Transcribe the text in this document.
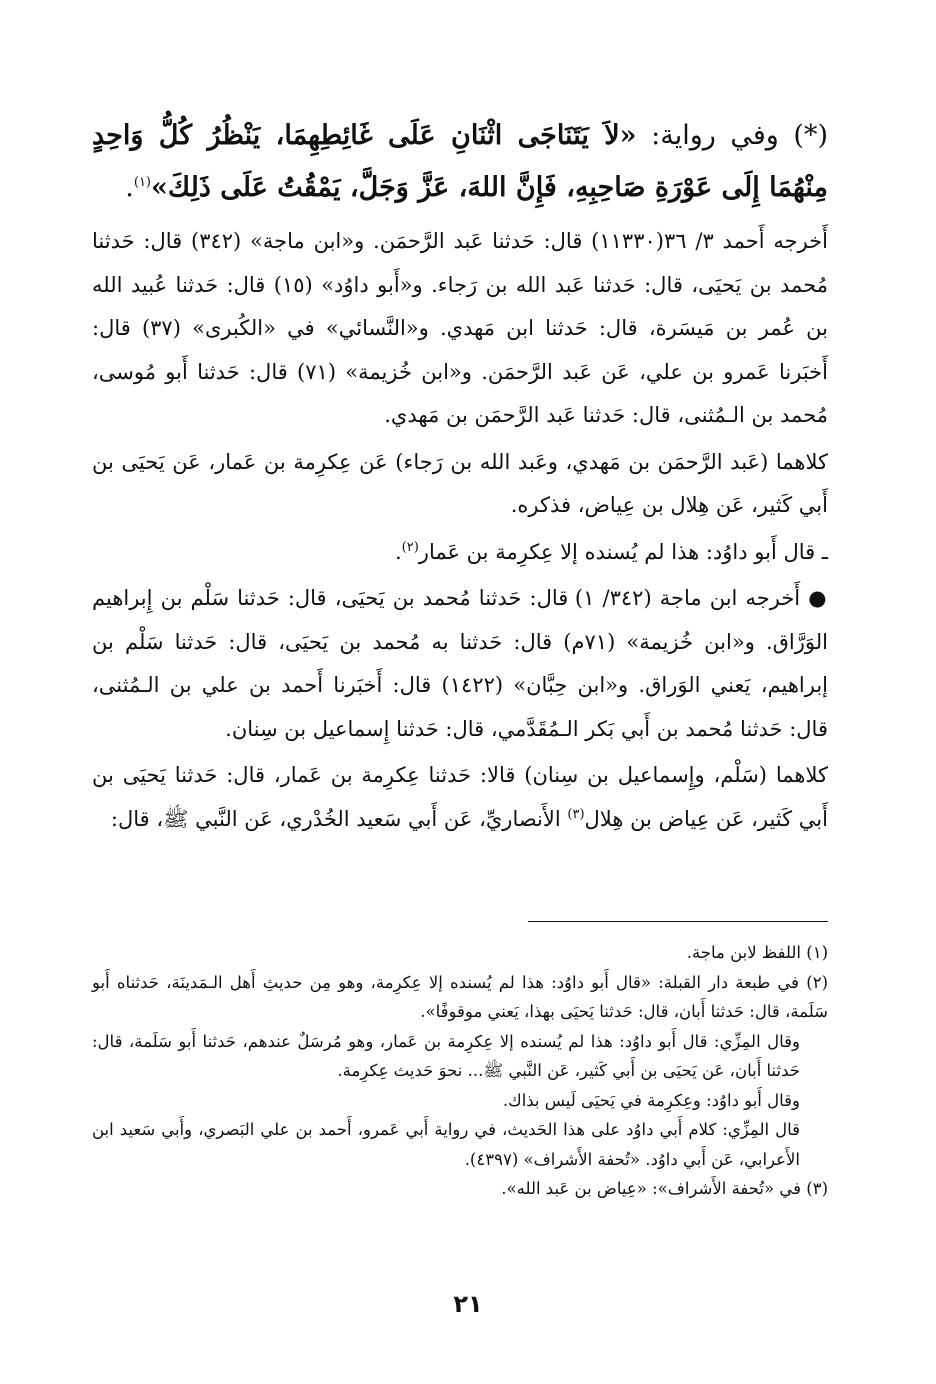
(*) وفي رواية: «لاَ يَتَنَاجَى اثْنَانِ عَلَى غَائِطِهِمَا، يَنْظُرُ كُلُّ وَاحِدٍ مِنْهُمَا إِلَى عَوْرَةِ صَاحِبِهِ، فَإِنَّ اللهَ، عَزَّ وَجَلَّ، يَمْقُتُ عَلَى ذَلِكَ»$^{(١)}$.

أَخرجه أَحمد ٣/ ٣٦(١١٣٣٠) قال: حَدثنا عَبد الرَّحمَن. و«ابن ماجة» (٣٤٢) قال: حَدثنا مُحمد بن يَحيَى، قال: حَدثنا عَبد الله بن رَجاء. و«أَبو داوُد» (١٥) قال: حَدثنا عُبيد الله بن عُمر بن مَيسَرة، قال: حَدثنا ابن مَهدي. و«النَّسائي» في «الكُبرى» (٣٧) قال: أَخبَرنا عَمرو بن علي، عَن عَبد الرَّحمَن. و«ابن خُزيمة» (٧١) قال: حَدثنا أَبو مُوسى، مُحمد بن الـمُثنى، قال: حَدثنا عَبد الرَّحمَن بن مَهدي.

كلاهما (عَبد الرَّحمَن بن مَهدي، وعَبد الله بن رَجاء) عَن عِكرِمة بن عَمار، عَن يَحيَى بن أَبي كَثير، عَن هِلال بن عِياض، فذكره.

ـ قال أَبو داوُد: هذا لم يُسنده إلا عِكرِمة بن عَمار$^{(٢)}$.

● أَخرجه ابن ماجة (٣٤٢/ ١) قال: حَدثنا مُحمد بن يَحيَى، قال: حَدثنا سَلْم بن إِبراهيم الوَرَّاق. و«ابن خُزيمة» (٧١م) قال: حَدثنا به مُحمد بن يَحيَى، قال: حَدثنا سَلْم بن إبراهيم، يَعني الوَراق. و«ابن حِبَّان» (١٤٢٢) قال: أَخبَرنا أَحمد بن علي بن الـمُثنى، قال: حَدثنا مُحمد بن أَبي بَكر الـمُقَدَّمي، قال: حَدثنا إِسماعيل بن سِنان.

كلاهما (سَلْم، وإِسماعيل بن سِنان) قالا: حَدثنا عِكرِمة بن عَمار، قال: حَدثنا يَحيَى بن أَبي كَثير، عَن عِياض بن هِلال$^{(٣)}$ الأَنصاريِّ، عَن أَبي سَعيد الخُدْري، عَن النَّبي ﷺ، قال:

(١) اللفظ لابن ماجة.

(٢) في طبعة دار القبلة: «قال أَبو داوُد: هذا لم يُسنده إلا عِكرِمة، وهو مِن حديثِ أَهل الـمَدينَة، حَدثناه أَبو سَلَمة، قال: حَدثنا أَبان، قال: حَدثنا يَحيَى بهذا، يَعني موقوفًا».

وقال المِزِّي: قال أَبو داوُد: هذا لم يُسنده إلا عِكرِمة بن عَمار، وهو مُرسَلٌ عندهم، حَدثنا أَبو سَلَمة، قال: حَدثنا أَبان، عَن يَحيَى بن أَبي كَثير، عَن النَّبي ﷺ... نحوَ حَديث عِكرِمة.

وقال أَبو داوُد: وعِكرِمة في يَحيَى لَيس بذاك.

قال المِزِّي: كلام أَبي داوُد على هذا الحَديث، في رواية أَبي عَمرو، أَحمد بن علي البَصري، وأَبي سَعيد ابن الأَعرابي، عَن أَبي داوُد. «تُحفة الأَشراف» (٤٣٩٧).

(٣) في «تُحفة الأَشراف»: «عِياض بن عَبد الله».

٢١
